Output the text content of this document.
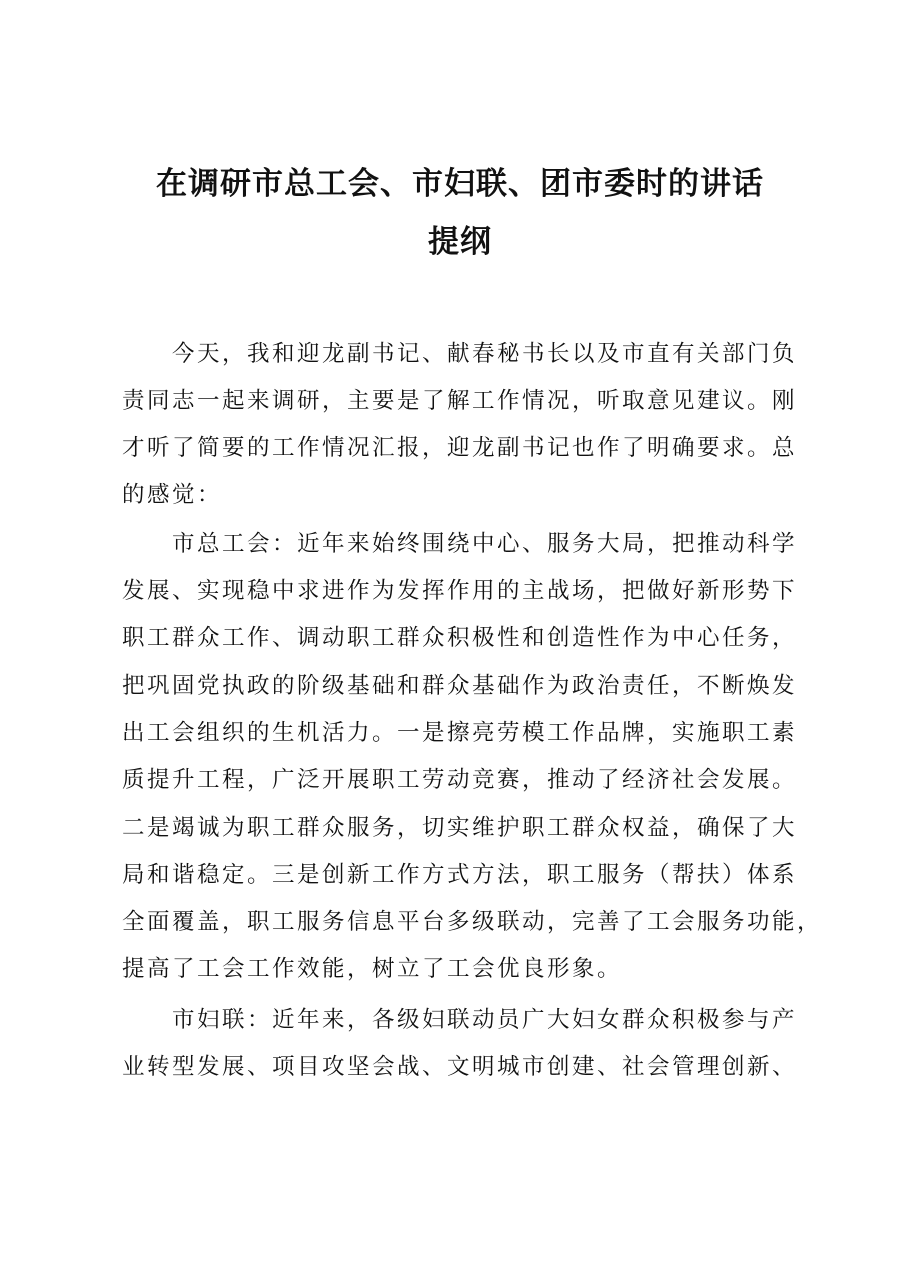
在调研市总工会、市妇联、团市委时的讲话
提纲
　　今天，我和迎龙副书记、献春秘书长以及市直有关部门负
责同志一起来调研，主要是了解工作情况，听取意见建议。刚
才听了简要的工作情况汇报，迎龙副书记也作了明确要求。总
的感觉：
　　市总工会：近年来始终围绕中心、服务大局，把推动科学
发展、实现稳中求进作为发挥作用的主战场，把做好新形势下
职工群众工作、调动职工群众积极性和创造性作为中心任务，
把巩固党执政的阶级基础和群众基础作为政治责任，不断焕发
出工会组织的生机活力。一是擦亮劳模工作品牌，实施职工素
质提升工程，广泛开展职工劳动竞赛，推动了经济社会发展。
二是竭诚为职工群众服务，切实维护职工群众权益，确保了大
局和谐稳定。三是创新工作方式方法，职工服务（帮扶）体系
全面覆盖，职工服务信息平台多级联动，完善了工会服务功能，
提高了工会工作效能，树立了工会优良形象。
　　市妇联：近年来，各级妇联动员广大妇女群众积极参与产
业转型发展、项目攻坚会战、文明城市创建、社会管理创新、
